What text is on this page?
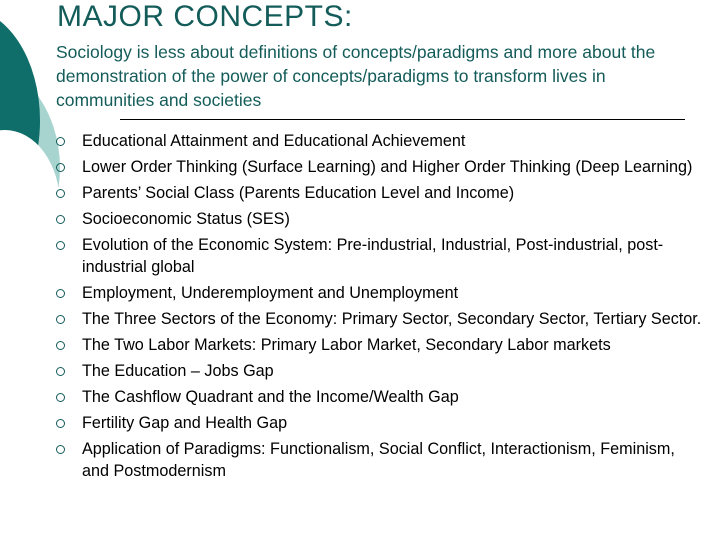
MAJOR CONCEPTS:

Sociology is less about definitions of concepts/paradigms and more about the demonstration of the power of concepts/paradigms to transform lives in communities and societies

Educational Attainment and Educational Achievement
Lower Order Thinking (Surface Learning) and Higher Order Thinking (Deep Learning)
Parents’ Social Class (Parents Education Level and Income)
Socioeconomic Status (SES)
Evolution of the Economic System: Pre-industrial, Industrial, Post-industrial, post-industrial global
Employment, Underemployment and Unemployment
The Three Sectors of the Economy: Primary Sector, Secondary Sector, Tertiary Sector.
The Two Labor Markets: Primary Labor Market, Secondary Labor markets
The Education – Jobs Gap
The Cashflow Quadrant and the Income/Wealth Gap
Fertility Gap and Health Gap
Application of Paradigms: Functionalism, Social Conflict, Interactionism, Feminism, and Postmodernism
